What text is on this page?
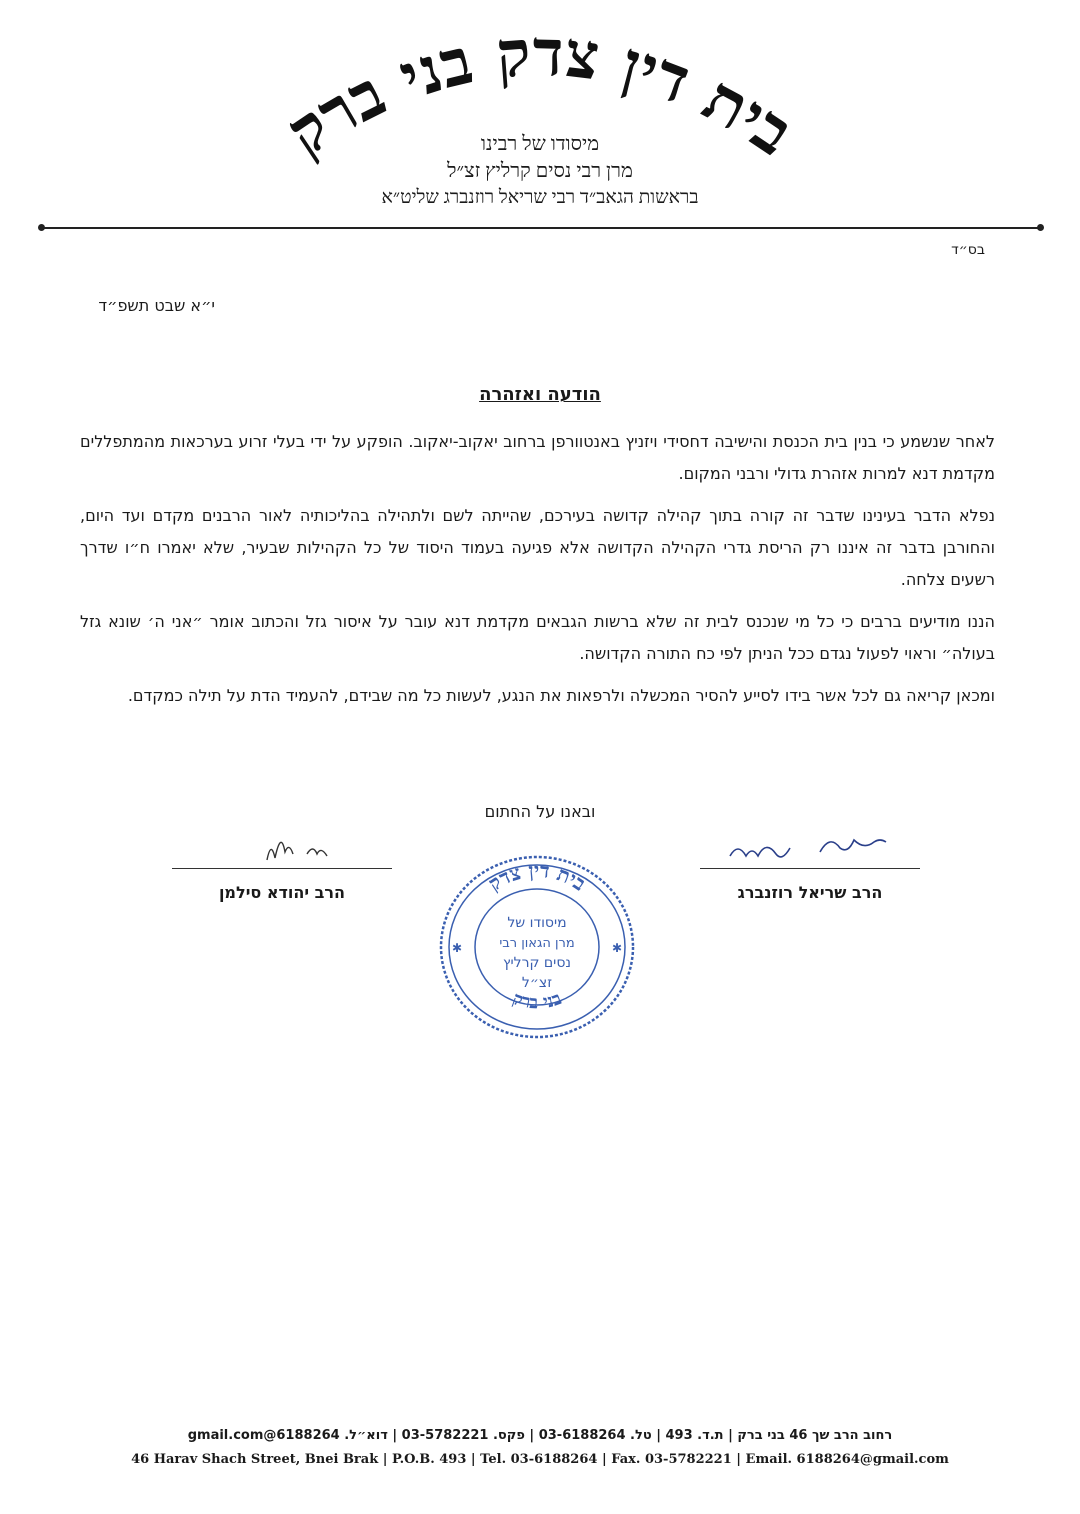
בית דין צדק בני ברק
מיסודו של רבינו
מרן רבי נסים קרליץ זצ״ל
בראשות הגאב״ד רבי שריאל רוזנברג שליט״א
בס״ד
י״א שבט תשפ״ד
הודעה ואזהרה

לאחר שנשמע כי בנין בית הכנסת והישיבה דחסידי ויזניץ באנטוורפן ברחוב יאקוב-יאקוב. הופקע על ידי בעלי זרוע בערכאות מהמתפללים מקדמת דנא למרות אזהרת גדולי ורבני המקום.

נפלא הדבר בעינינו שדבר זה קורה בתוך קהילה קדושה בעירכם, שהייתה לשם ולתהילה בהליכותיה לאור הרבנים מקדם ועד היום, והחורבן בדבר זה איננו רק הריסת גדרי הקהילה הקדושה אלא פגיעה בעמוד היסוד של כל הקהילות שבעיר, שלא יאמרו ח״ו שדרך רשעים צלחה.

הננו מודיעים ברבים כי כל מי שנכנס לבית זה שלא ברשות הגבאים מקדמת דנא עובר על איסור גזל והכתוב אומר ״אני ה׳ שונא גזל בעולה״ וראוי לפעול נגדם ככל הניתן לפי כח התורה הקדושה.

ומכאן קריאה גם לכל אשר בידו לסייע להסיר המכשלה ולרפאות את הנגע, לעשות כל מה שבידם, להעמיד הדת על תילה כמקדם.

ובאנו על החתום
הרב שריאל רוזנברג
הרב יהודא סילמן	בית דין צדק
בני ברק
מיסודו של
מרן הגאון רבי
נסים קרליץ
זצ״ל
✱	✱
רחוב הרב שך 46 בני ברק | ת.ד. 493 | טל. 03-6188264 | פקס. 03-5782221 | דוא״ל. 6188264@gmail.com
46 Harav Shach Street, Bnei Brak | P.O.B. 493 | Tel. 03-6188264 | Fax. 03-5782221 | Email. 6188264@gmail.com
